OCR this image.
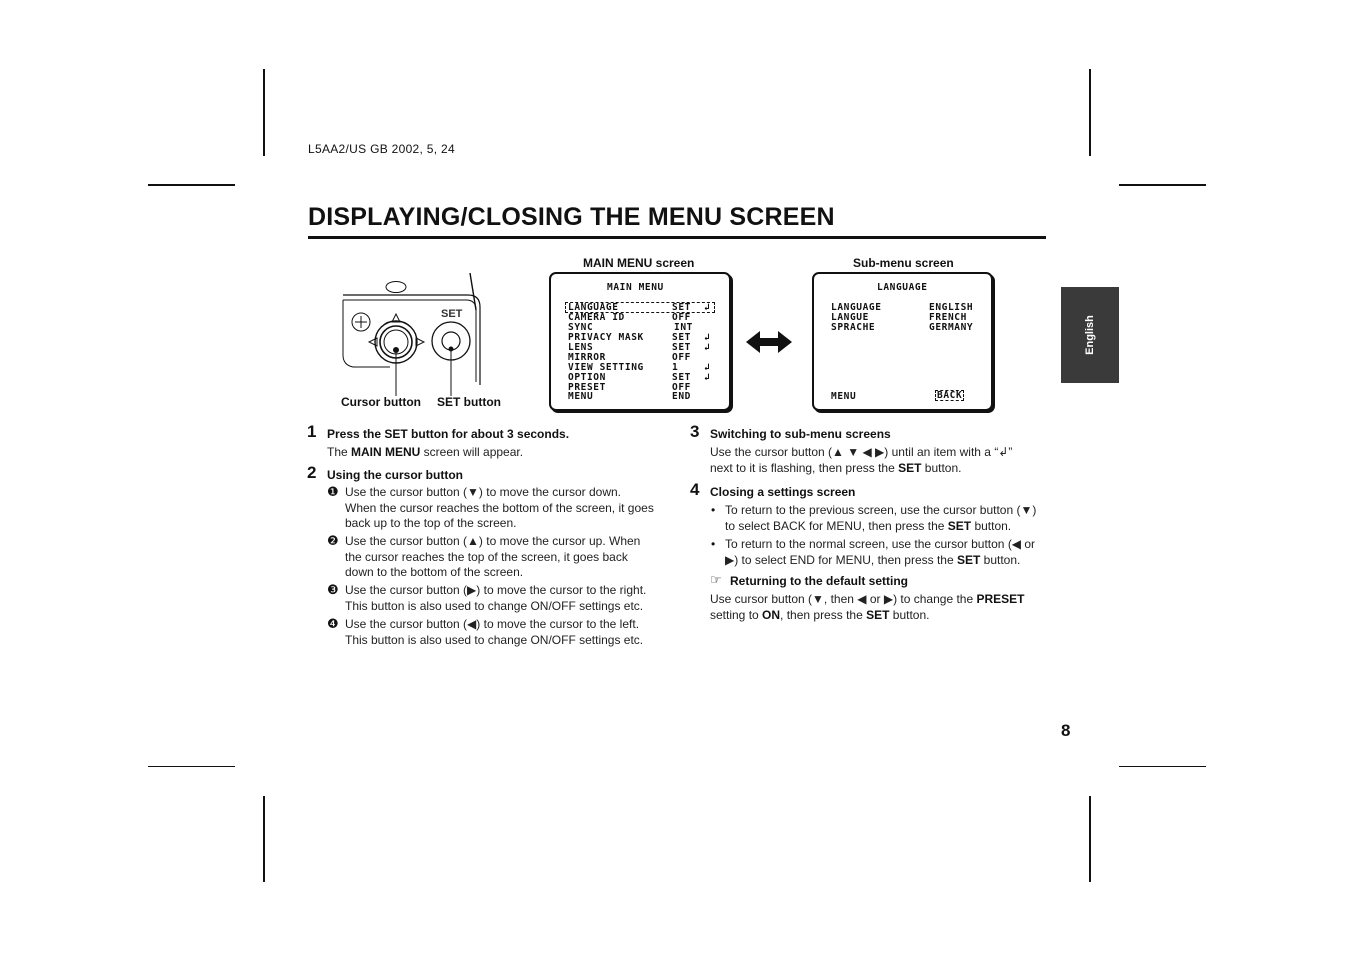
L5AA2/US GB 2002, 5, 24
DISPLAYING/CLOSING THE MENU SCREEN
English
SET
Cursor button SET button
MAIN MENU screen
MAIN MENU
LANGUAGE	SET ↲
CAMERA ID	OFF
SYNC	INT
PRIVACY MASK	SET ↲
LENS	SET ↲
MIRROR	OFF
VIEW SETTING	1	↲
OPTION	SET ↲
PRESET	OFF
MENU	END
Sub-menu screen
LANGUAGE
LANGUAGE	ENGLISH
LANGUE	FRENCH
SPRACHE	GERMANY
MENU	BACK
1 Press the SET button for about 3 seconds.
The MAIN MENU screen will appear.
2 Using the cursor button
❶ Use the cursor button (▼) to move the cursor down.
When the cursor reaches the bottom of the screen, it goes
back up to the top of the screen.
❷ Use the cursor button (▲) to move the cursor up. When
the cursor reaches the top of the screen, it goes back
down to the bottom of the screen.
❸ Use the cursor button (▶) to move the cursor to the right.
This button is also used to change ON/OFF settings etc.
❹ Use the cursor button (◀) to move the cursor to the left.
This button is also used to change ON/OFF settings etc.
3 Switching to sub-menu screens
Use the cursor button (▲ ▼ ◀ ▶) until an item with a “↲”
next to it is flashing, then press the SET button.
4 Closing a settings screen
• To return to the previous screen, use the cursor button (▼)
to select BACK for MENU, then press the SET button.
• To return to the normal screen, use the cursor button (◀ or
▶) to select END for MENU, then press the SET button.
☞ Returning to the default setting
Use cursor button (▼, then ◀ or ▶) to change the PRESET
setting to ON, then press the SET button.
8
